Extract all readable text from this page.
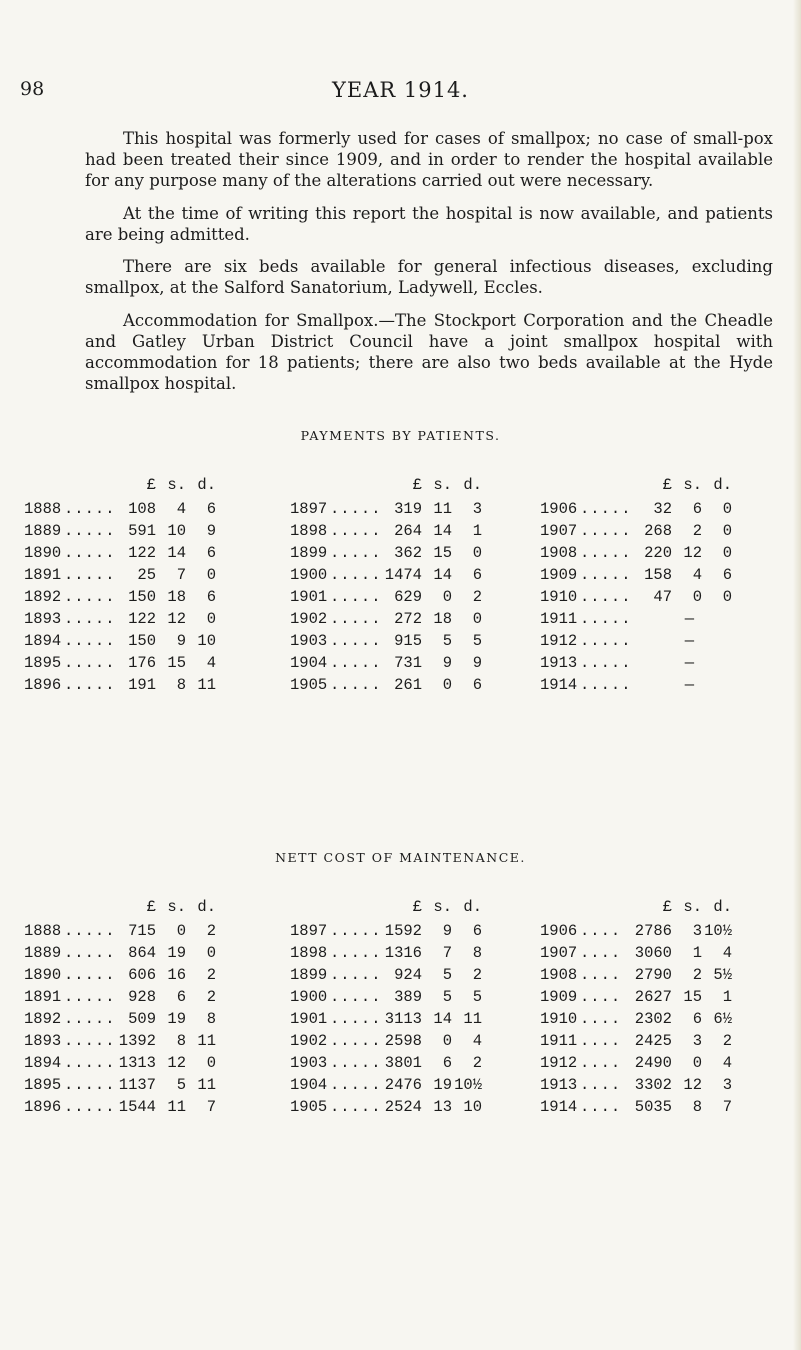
98	YEAR 1914.

This hospital was formerly used for cases of smallpox; no case of small-pox had been treated their since 1909, and in order to render the hospital available for any purpose many of the alterations carried out were necessary.

At the time of writing this report the hospital is now available, and patients are being admitted.

There are six beds available for general infectious diseases, excluding smallpox, at the Salford Sanatorium, Ladywell, Eccles.

Accommodation for Smallpox.—The Stockport Corporation and the Cheadle and Gatley Urban District Council have a joint smallpox hospital with accommodation for 18 patients; there are also two beds available at the Hyde smallpox hospital.

PAYMENTS BY PATIENTS.
£ s. d.
1888 ..... 108	4	6
1889 ..... 591 10	9
1890 ..... 122 14	6
1891 .....	25	7	0
1892 ..... 150 18	6
1893 ..... 122 12	0
1894 ..... 150	9 10
1895 ..... 176 15	4
1896 ..... 191	8 11
£ s. d.
1897 ..... 319 11	3
1898 ..... 264 14	1
1899 ..... 362 15	0
1900 ..... 1474 14	6
1901 ..... 629	0	2
1902 ..... 272 18	0
1903 ..... 915	5	5
1904 ..... 731	9	9
1905 ..... 261	0	6
£ s. d.
1906 .....	32	6	0
1907 ..... 268	2	0
1908 ..... 220 12	0
1909 ..... 158	4	6
1910 .....	47	0	0
1911 .....	—
1912 .....	—
1913 .....	—
1914 .....	—
NETT COST OF MAINTENANCE.
£ s. d.
1888 ..... 715	0	2
1889 ..... 864 19	0
1890 ..... 606 16	2
1891 ..... 928	6	2
1892 ..... 509 19	8
1893 ..... 1392	8 11
1894 ..... 1313 12	0
1895 ..... 1137	5 11
1896 ..... 1544 11	7
£ s. d.
1897 ..... 1592	9	6
1898 ..... 1316	7	8
1899 ..... 924	5	2
1900 ..... 389	5	5
1901 ..... 3113 14 11
1902 ..... 2598	0	4
1903 ..... 3801	6	2
1904 ..... 2476 19 10½
1905 ..... 2524 13 10
£ s. d.
1906 .... 2786	3 10½
1907 .... 3060	1	4
1908 .... 2790	2 5½
1909 .... 2627 15	1
1910 .... 2302	6 6½
1911 .... 2425	3	2
1912 .... 2490	0	4
1913 .... 3302 12	3
1914 .... 5035	8	7
